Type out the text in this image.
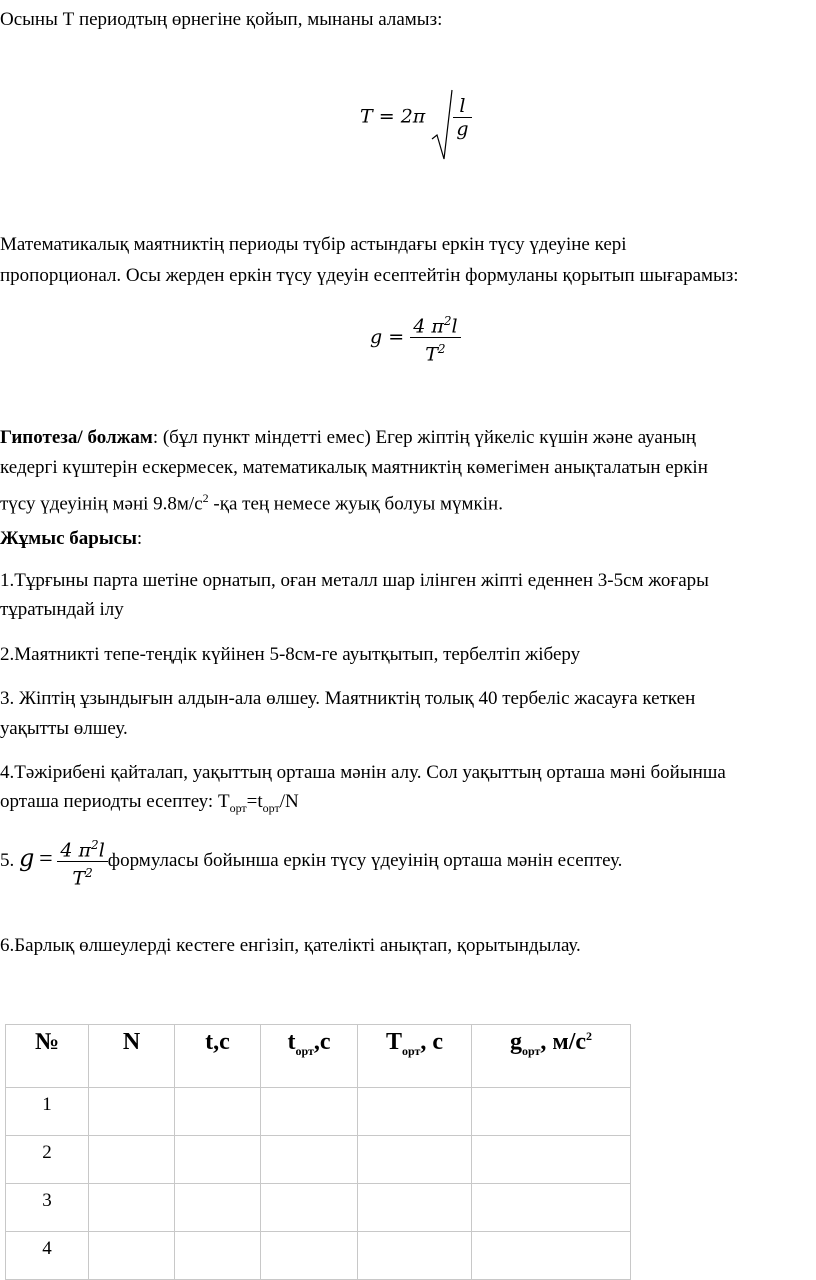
Осыны Т периодтың өрнегіне қойып, мынаны аламыз:
$T = 2\pi \frac{l}{g}$
Математикалық маятниктің периоды түбір астындағы еркін түсу үдеуіне кері
пропорционал. Осы жерден еркін түсу үдеуін есептейтін формуланы қорытып шығарамыз:
$g = \frac{4 \pi^2l}{T^2}$
Гипотеза/ болжам: (бұл пункт міндетті емес) Егер жіптің үйкеліс күшін және ауаның
кедергі күштерін ескермесек, математикалық маятниктің көмегімен анықталатын еркін
түсу үдеуінің мәні $9.8м/с^2$ -қа тең немесе жуық болуы мүмкін.
Жұмыс барысы:
1.Тұрғыны парта шетіне орнатып, оған металл шар ілінген жіпті еденнен 3-5см жоғары
тұратындай ілу
2.Маятникті тепе-теңдік күйінен 5-8см-ге ауытқытып, тербелтіп жіберу
3. Жіптің ұзындығын алдын-ала өлшеу. Маятниктің толық 40 тербеліс жасауға кеткен
уақытты өлшеу.
4.Тәжірибені қайталап, уақыттың орташа мәнін алу. Сол уақыттың орташа мәні бойынша
орташа периодты есептеу: $Т_{орт}=t_{орт}/N$
5. $g = \frac{4 \pi^2l}{T^2}$ формуласы бойынша еркін түсу үдеуінің орташа мәнін есептеу.
6.Барлық өлшеулерді кестеге енгізіп, қателікті анықтап, қорытындылау.
№	N	t,c	$t_{орт},c$	$Т_{орт}$, с	$g_{орт}$, $м/с^2$
1					
2					
3					
4					
